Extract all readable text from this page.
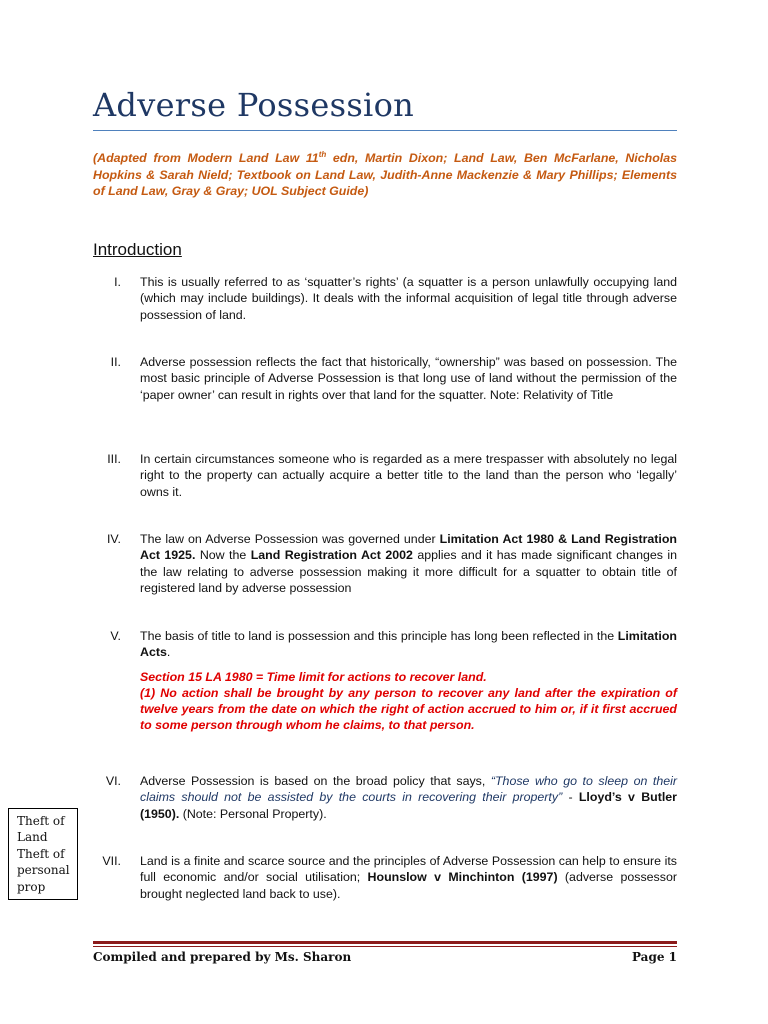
Adverse Possession
(Adapted from Modern Land Law 11th edn, Martin Dixon; Land Law, Ben McFarlane, Nicholas Hopkins & Sarah Nield; Textbook on Land Law, Judith-Anne Mackenzie & Mary Phillips; Elements of Land Law, Gray & Gray; UOL Subject Guide)
Introduction
I. This is usually referred to as ‘squatter’s rights’ (a squatter is a person unlawfully occupying land (which may include buildings). It deals with the informal acquisition of legal title through adverse possession of land.
II. Adverse possession reflects the fact that historically, “ownership” was based on possession. The most basic principle of Adverse Possession is that long use of land without the permission of the ‘paper owner’ can result in rights over that land for the squatter. Note: Relativity of Title
III. In certain circumstances someone who is regarded as a mere trespasser with absolutely no legal right to the property can actually acquire a better title to the land than the person who ‘legally’ owns it.
IV. The law on Adverse Possession was governed under Limitation Act 1980 & Land Registration Act 1925. Now the Land Registration Act 2002 applies and it has made significant changes in the law relating to adverse possession making it more difficult for a squatter to obtain title of registered land by adverse possession
V. The basis of title to land is possession and this principle has long been reflected in the Limitation Acts.
Section 15 LA 1980 = Time limit for actions to recover land.
(1) No action shall be brought by any person to recover any land after the expiration of twelve years from the date on which the right of action accrued to him or, if it first accrued to some person through whom he claims, to that person.
VI. Adverse Possession is based on the broad policy that says, “Those who go to sleep on their claims should not be assisted by the courts in recovering their property” - Lloyd’s v Butler (1950). (Note: Personal Property).
VII. Land is a finite and scarce source and the principles of Adverse Possession can help to ensure its full economic and/or social utilisation; Hounslow v Minchinton (1997) (adverse possessor brought neglected land back to use).
Theft of
Land
Theft of
personal
prop
Compiled and prepared by Ms. Sharon	Page 1
